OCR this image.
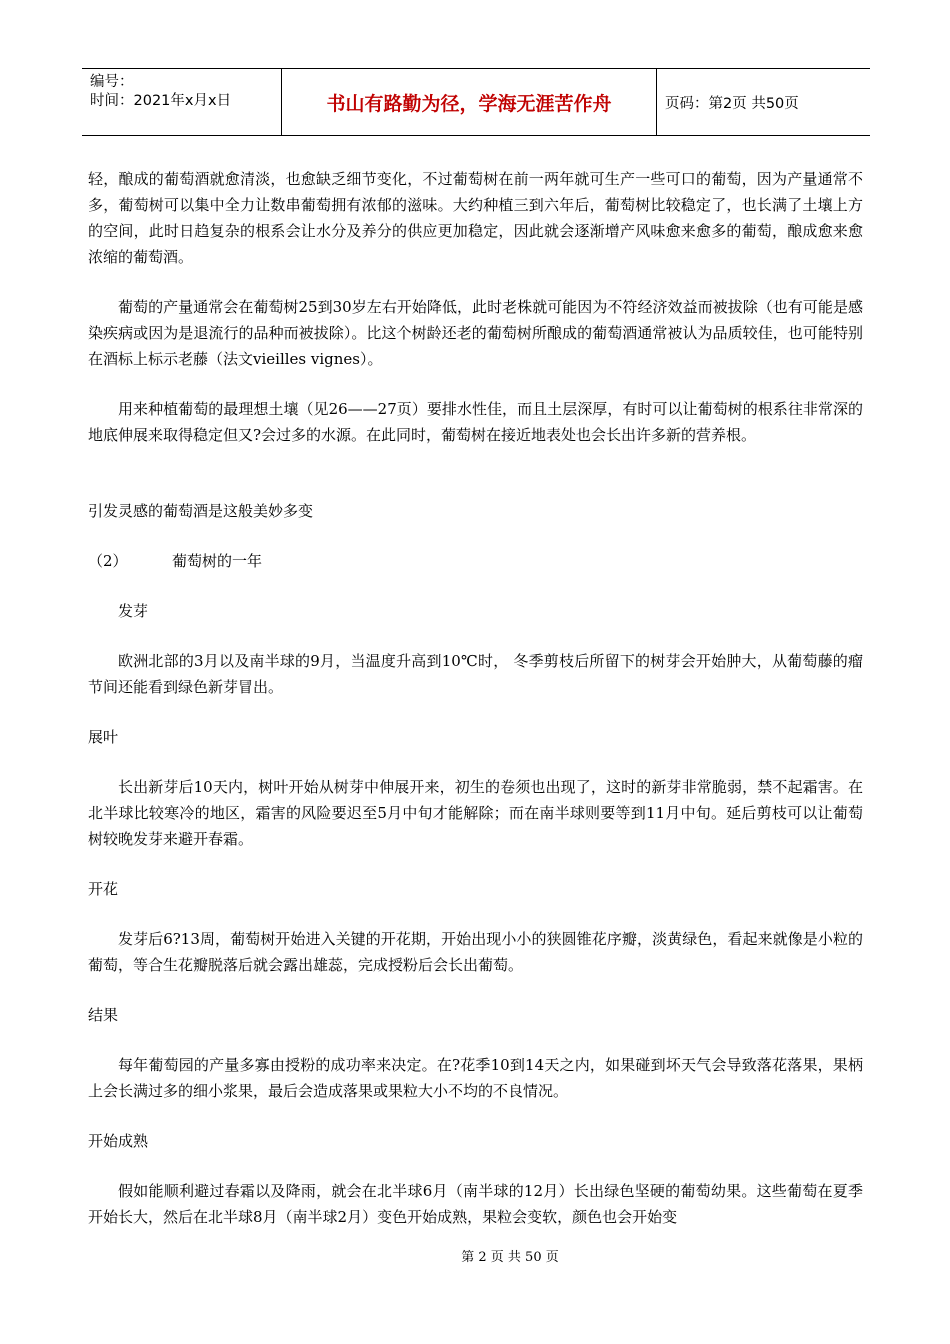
编号：
时间：2021年x月x日	书山有路勤为径，学海无涯苦作舟	页码：第2页 共50页

轻，酿成的葡萄酒就愈清淡，也愈缺乏细节变化，不过葡萄树在前一两年就可生产一些可口的葡萄，因为产量通常不多，葡萄树可以集中全力让数串葡萄拥有浓郁的滋味。大约种植三到六年后，葡萄树比较稳定了，也长满了土壤上方的空间，此时日趋复杂的根系会让水分及养分的供应更加稳定，因此就会逐渐增产风味愈来愈多的葡萄，酿成愈来愈浓缩的葡萄酒。

葡萄的产量通常会在葡萄树25到30岁左右开始降低，此时老株就可能因为不符经济效益而被拔除（也有可能是感染疾病或因为是退流行的品种而被拔除）。比这个树龄还老的葡萄树所酿成的葡萄酒通常被认为品质较佳，也可能特别在酒标上标示老藤（法文vieilles vignes）。

用来种植葡萄的最理想土壤（见26——27页）要排水性佳，而且土层深厚，有时可以让葡萄树的根系往非常深的地底伸展来取得稳定但又?会过多的水源。在此同时，葡萄树在接近地表处也会长出许多新的营养根。

引发灵感的葡萄酒是这般美妙多变

（2）	葡萄树的一年

发芽

欧洲北部的3月以及南半球的9月，当温度升高到10℃时， 冬季剪枝后所留下的树芽会开始肿大，从葡萄藤的瘤节间还能看到绿色新芽冒出。

展叶

长出新芽后10天内，树叶开始从树芽中伸展开来，初生的卷须也出现了，这时的新芽非常脆弱，禁不起霜害。在北半球比较寒冷的地区，霜害的风险要迟至5月中旬才能解除；而在南半球则要等到11月中旬。延后剪枝可以让葡萄树较晚发芽来避开春霜。

开花

发芽后6?13周，葡萄树开始进入关键的开花期，开始出现小小的狭圆锥花序瓣，淡黄绿色，看起来就像是小粒的葡萄，等合生花瓣脱落后就会露出雄蕊，完成授粉后会长出葡萄。

结果

每年葡萄园的产量多寡由授粉的成功率来决定。在?花季10到14天之内，如果碰到坏天气会导致落花落果，果柄上会长满过多的细小浆果，最后会造成落果或果粒大小不均的不良情况。

开始成熟

假如能顺利避过春霜以及降雨，就会在北半球6月（南半球的12月）长出绿色坚硬的葡萄幼果。这些葡萄在夏季开始长大，然后在北半球8月（南半球2月）变色开始成熟，果粒会变软，颜色也会开始变

第 2 页 共 50 页
